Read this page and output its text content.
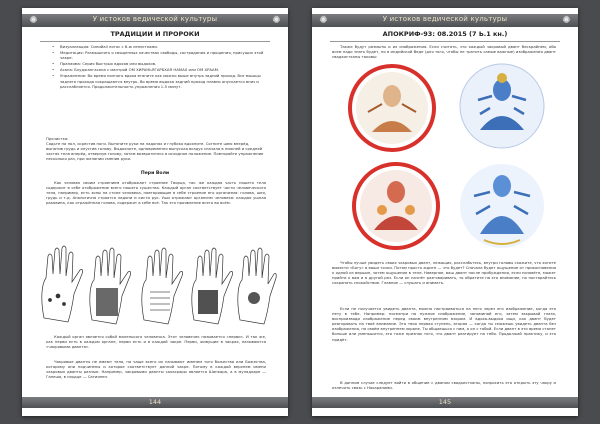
✺	У истоков ведической культуры	✺
ТРАДИЦИИ И ПРОРОКИ
• Визуализация: Синийail лотос с 6-ю лепестками.
• Медитация: Размышлять о священных качествах свободы, сострадания и прощения, присущих этой чакре.
• Пранаяма: Серия быстрых вдохов или выдохов.
• Асана: Бхуджангасана с мантрой ОМ ХИРАНЬЯГАРБХАЯ НАМАХ или ОМ ХРААМ.
• Упражнение: Во время полного вдоха втяните как можно выше внутрь задний проход. Все мышцы заднего прохода сокращаются внутрь. Во время выдоха задний проход плавно опускается вниз и расслабляется. Продолжительность упражнения 1-5 минут.
Прочистка:
Сядьте на пол, скрестив ноги. Вытяните руки на ладонях и глубоко вдохните. Согните шею вперёд, выпятив грудь и опустив голову. Выдохните, одновременно выпуская воздух сначала в нижней и средней частях тела вперёд, отвернув голову; затем возвратитесь в исходное положение. Повторяйте упражнение несколько раз, при желании сменив руки.
Пери Воли
Как человек своим строением отображает строение Творца, так же каждая часть нашего тела содержит в себе отображение всего нашего существа. Каждый орган соответствует части человеческого тела, например, есть зоны на стопе человека, повторяющие в себе строение его организма: голова, шея, грудь и т.д. Аналогично строятся ладони и кисти рук. Уши отражают организм человека: каждая ушная раковина, как отражённая голова, содержит в себе всё. Так это проявление всего во всём.
Каждый орган является собой маленького человечка. Этот человечек называется «перви». И так же, как перви есть в каждом органе, перви есть и в каждой чакре. Перви, живущие в чакрах, называются «чакровыми двапта».
Чакровые двапты не имеют тела, но чаще всего их называют именем того божества или Божества, которому они подчинены и которое соответствует данной чакре. Потому в каждой верхнем имени чакровых двапты разные. Например, чакровыми двапты сахасрары является Шанкара, а в муладхаре — Ганеша, в сердце — Сатиянен.
144
✺	У истоков ведической культуры	✺
АПОКРИФ-93: 08.2015 (7 Ь.1 кн.)
Также будут размыты и их изображения. Если считать, что каждый чакровый двапт бескрайнем, обо всем надо знать будет, но в индийской Веде (для того, чтобы не тратить самые важные) изображения двапт свадхистханы таковы:
Чтобы лучше увидеть своих чакровых двапт, лежащих, расслабьтесь, внутри головы скажите, что хотите вывести «Богу» в ваши точки. Потом просто ждите — что будет? Сначала будет ощущение от прикосновения к одной из вершин, затем ощущение в теле. Наверное, ваш двапт после пробуждения, если позовёте, может прийти к вам и в другой раз. Если он начнёт разговаривать, то обратите на это внимание, но постарайтесь сохранять спокойствие. Главное — слушать и внимать.
Если не получается увидеть двапта, можно настраиваться на него через его изображение, когда его нету в тебе. Например: посмотри на нужное изображение, запоминай его, затем закрывай глаза, воспроизводи изображение перед своим внутренним взором. И вдоха-выдоха ищи, как двапт будет реагировать на твоё внимание. Это твоя первая ступень, вторая — когда ты сможешь увидеть двапта без изображения, на своём внутреннем экране. Ты общаешься с ним, а он с тобой. Если двапт в это время станет больше или уменьшится, это тоже признак того, что двапт реагирует на тебя. Продолжай практику, и это придёт.
В данном случае следует войти в общение с двапом свадхистханы, попросить его открыть эту чакру и излечить связь с Нахараними.
145
